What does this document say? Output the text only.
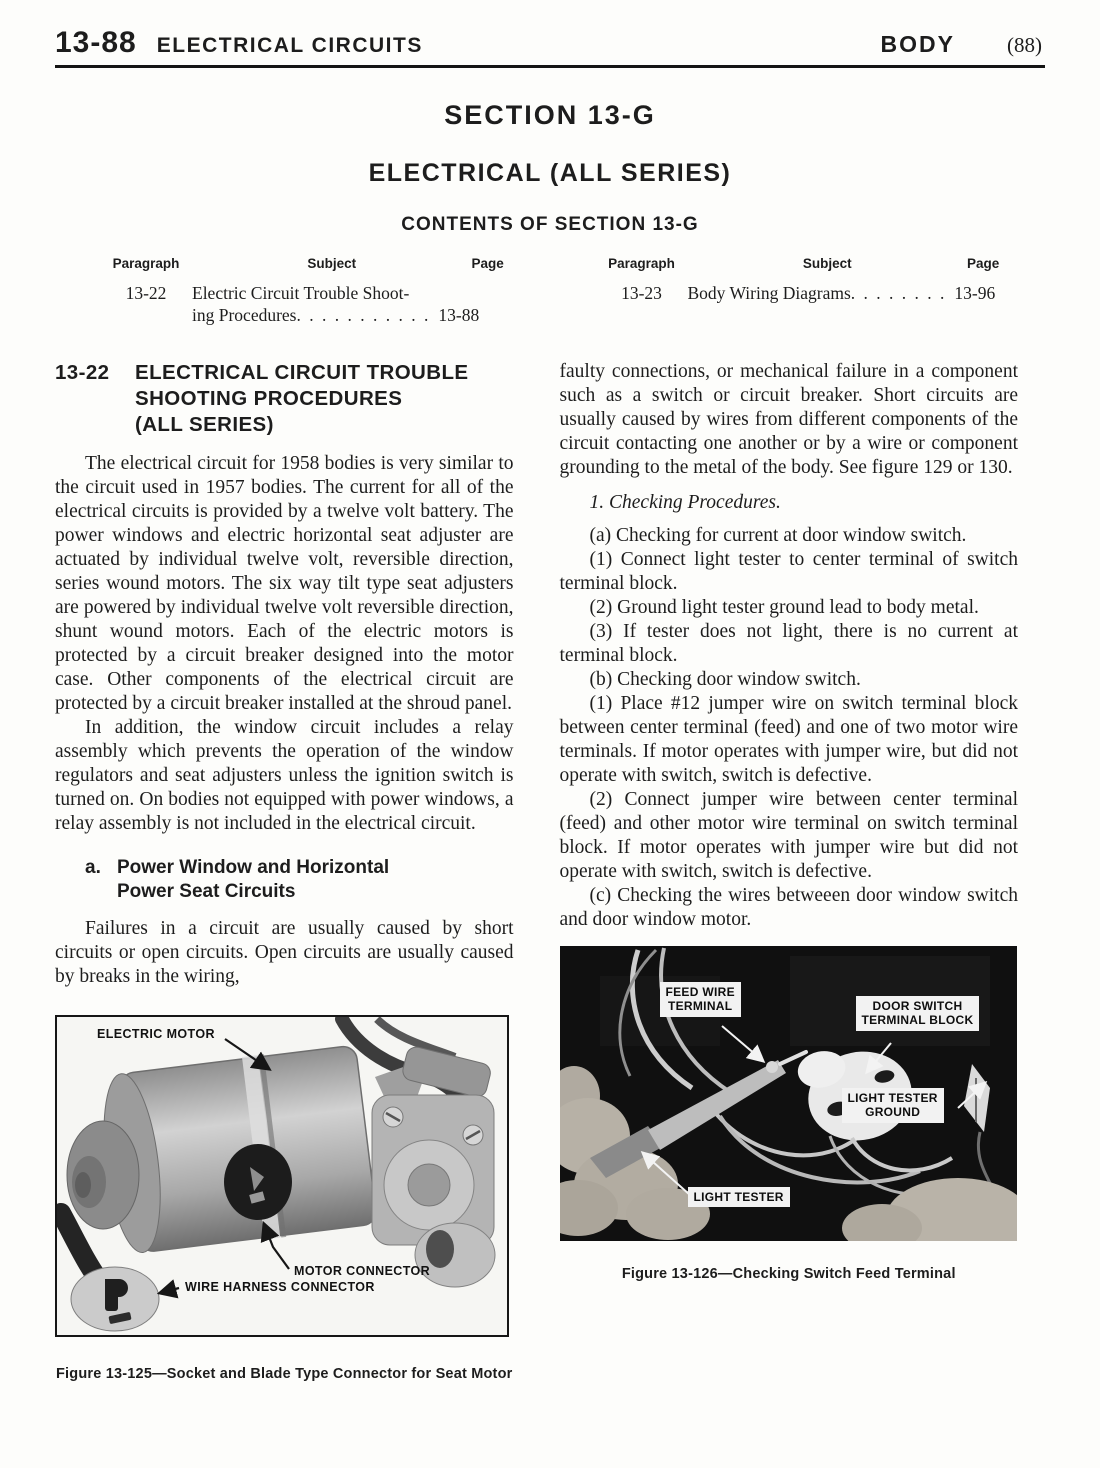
13-88 ELECTRICAL CIRCUITS	BODY (88)
SECTION 13-G
ELECTRICAL (ALL SERIES)
CONTENTS OF SECTION 13-G
Paragraph	Subject	Page
13-22	Electric Circuit Trouble Shoot-
ing Procedures. . . . . . . . . . . 13-88
Paragraph	Subject	Page
13-23	Body Wiring Diagrams. . . . . . . . 13-96
13-22	ELECTRICAL CIRCUIT TROUBLE
SHOOTING PROCEDURES
(ALL SERIES)

The electrical circuit for 1958 bodies is very similar to the circuit used in 1957 bodies. The current for all of the electrical circuits is provided by a twelve volt battery. The power windows and electric horizontal seat adjuster are actuated by individual twelve volt, reversible direction, series wound motors. The six way tilt type seat adjusters are powered by individual twelve volt reversible direction, shunt wound motors. Each of the electric motors is protected by a circuit breaker designed into the motor case. Other components of the electrical circuit are protected by a circuit breaker installed at the shroud panel.

In addition, the window circuit includes a relay assembly which prevents the operation of the window regulators and seat adjusters unless the ignition switch is turned on. On bodies not equipped with power windows, a relay assembly is not included in the electrical circuit.

a. Power Window and Horizontal
Power Seat Circuits

Failures in a circuit are usually caused by short circuits or open circuits. Open circuits are usually caused by breaks in the wiring,

ELECTRIC MOTOR
MOTOR CONNECTOR
WIRE HARNESS CONNECTOR
Figure 13-125—Socket and Blade Type Connector for Seat Motor

faulty connections, or mechanical failure in a component such as a switch or circuit breaker. Short circuits are usually caused by wires from different components of the circuit contacting one another or by a wire or component grounding to the metal of the body. See figure 129 or 130.

1. Checking Procedures.

(a) Checking for current at door window switch.

(1) Connect light tester to center terminal of switch terminal block.

(2) Ground light tester ground lead to body metal.

(3) If tester does not light, there is no current at terminal block.

(b) Checking door window switch.

(1) Place #12 jumper wire on switch terminal block between center terminal (feed) and one of two motor wire terminals. If motor operates with jumper wire, but did not operate with switch, switch is defective.

(2) Connect jumper wire between center terminal (feed) and other motor wire terminal on switch terminal block. If motor operates with jumper wire but did not operate with switch, switch is defective.

(c) Checking the wires betweeen door window switch and door window motor.

FEED WIRE
TERMINAL	DOOR SWITCH
TERMINAL BLOCK
LIGHT TESTER
GROUND
LIGHT TESTER
Figure 13-126—Checking Switch Feed Terminal
